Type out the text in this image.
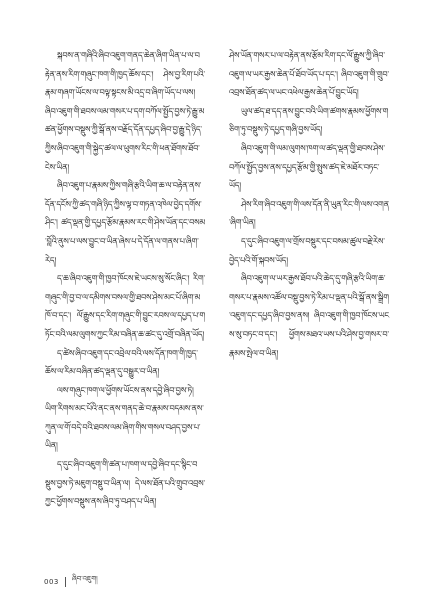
སྐབས་ན་གཞིའི་ཞིབ་འཇུག་གནད་ཆེན་ཞིག་ཡིན་པ་ལ་བརྟེན་ནས་རིག་གཞུང་ཁག་གི་ཁྱད་ཆོས་དང་། ཤེས་བྱ་རིག་པའི་རྣམ་གཞག་ཡོངས་ལ་བལྟ་སྟངས་མི་འདྲ་བ་ཞིག་ཡོད་པ་ལས། ཞིབ་འཇུག་གི་ཐབས་ལམ་གསར་པ་དག་བཀོལ་སྤྱོད་བྱས་ཏེ་རྒྱུ་མཚན་ཕྱོགས་བསྡུས་ཀྱི་སྒོ་ནས་བརྗོད་དོན་དཔྱད་ཞིབ་བྱ་རྒྱུ་དེ་ཉིད་ཀྱིས་ཞིབ་འཇུག་གི་སྐྱེད་ཚལ་ལ་ཕུགས་རིང་གི་ཕན་ཐོགས་ཐོབ་ངེས་ཡིན།

ཞིབ་འཇུག་པ་རྣམས་ཀྱིས་གཞི་རྩའི་ཡིག་ཆ་ལ་བརྟེན་ནས་དོན་དངོས་ཀྱི་ཚད་གཞི་ཉིད་ཀྱིས་ལྟ་བ་གཏན་འཁེལ་བྱེད་དགོས་ཤིང་། ཚད་ལྡན་གྱི་དཔྱད་རྩོམ་རྣམས་རང་གི་ཤེས་ཡོན་དང་བསམ་བློའི་ནུས་པ་ལས་བྱུང་བ་ཡིན་ཞེས་པ་དེ་དོན་ལ་གནས་པ་ཞིག་རེད།

ད་ཆ་ཞིབ་འཇུག་གི་ཁྱབ་ཁོངས་ཇེ་ཡངས་སུ་སོང་ཞིང་། རིག་གཞུང་གི་བྱ་བ་ལ་དམིགས་བསལ་གྱི་ཐབས་ཤེས་མང་པོ་ཞིག་མཁོ་བ་དང་། ལོ་རྒྱུས་དང་རིག་གཞུང་གི་བྱུང་རབས་ལ་དཔྱད་པ་གཏོང་བའི་ལམ་ལུགས་ཀྱང་རིམ་བཞིན་ཆ་ཚང་དུ་འགྲོ་བཞིན་ཡོད།

ད་ཚེས་ཞིབ་འཇུག་དང་འབྲེལ་བའི་ལས་དོན་ཁག་གི་ཁྱད་ཆོས་ལ་རིམ་བཞིན་ཚད་ལྡན་དུ་བསྒྱུར་བ་ཡིན།

ལས་གཞུང་ཁག་ལ་ཕྱོགས་ཡོངས་ནས་དབྱེ་ཞིབ་བྱས་ཏེ། ཡིག་རིགས་མང་པོའི་ནང་ནས་གནད་ཆེ་བ་རྣམས་བདམས་ནས་ཀུན་ལ་གོ་བདེ་བའི་ཐབས་ལམ་ཞིག་གིས་གསལ་བཤད་བྱས་པ་ཡིན།

ད་དུང་ཞིབ་འཇུག་གི་ཚན་པ་ཁག་ལ་དབྱེ་ཞིབ་དང་སྙིང་བསྡུས་བྱས་ཏེ་མཇུག་བསྡུ་བ་ཡིན་ལ། དེ་ལས་ཐོན་པའི་གྲུབ་འབྲས་ཀྱང་ཕྱོགས་བསྡུས་ནས་ཞིབ་ཏུ་བཤད་པ་ཡིན།

ཤེས་ཡོན་གསར་པ་ལ་བརྟེན་ནས་རྩོམ་རིག་དང་ལོ་རྒྱུས་ཀྱི་ཞིབ་འཇུག་ལ་ཡར་རྒྱས་ཆེན་པོ་ཐོབ་ཡོད་པ་དང་། ཞིབ་འཇུག་གི་གྲུབ་འབྲས་ཐོན་ཚད་ལ་ཡང་འཕེལ་རྒྱས་ཆེན་པོ་བྱུང་ཡོད།

ཡུལ་ཚད་ཐ་དད་ནས་བྱུང་བའི་ཡིག་ཚགས་རྣམས་ཕྱོགས་གཅིག་ཏུ་བསྡུས་ཏེ་དཔྱད་གཞི་བྱས་ཡོད།

ཞིབ་འཇུག་གི་ལམ་ལུགས་ཁག་ལ་ཚད་ལྡན་གྱི་ཐབས་ཤེས་བཀོལ་སྤྱོད་བྱས་ནས་དཔྱད་རྩོམ་གྱི་སྤུས་ཚད་ཇེ་མཐོར་བཏང་ཡོད།

ཤེས་རིག་ཞིབ་འཇུག་གི་ལས་དོན་ནི་ཡུན་རིང་གི་ལས་འགན་ཞིག་ཡིན།

ད་དུང་ཞིབ་འཇུག་ལ་གྲོས་བསྡུར་དང་བསམ་ཚུལ་བརྗེ་རེས་བྱེད་པའི་གོ་སྐབས་ཡོད།

ཞིབ་འཇུག་ལ་ཡར་རྒྱས་ཐོབ་པའི་ཆེད་དུ་གཞི་རྩའི་ཡིག་ཆ་གསར་པ་རྣམས་འཚོལ་བསྡུ་བྱས་ཏེ་རིམ་པ་ལྡན་པའི་སྒོ་ནས་སྒྲིག་འཇུག་དང་དཔྱད་ཞིབ་བྱས་ནས། ཞིབ་འཇུག་གི་ཁྱབ་ཁོངས་ཡངས་སུ་བཏང་བ་དང་། ཕྱོགས་མཐའ་ཡས་པའི་ཤེས་བྱ་གསར་བ་རྣམས་སྤེལ་བ་ཡིན།

003 ཞིབ་འཇུག།
